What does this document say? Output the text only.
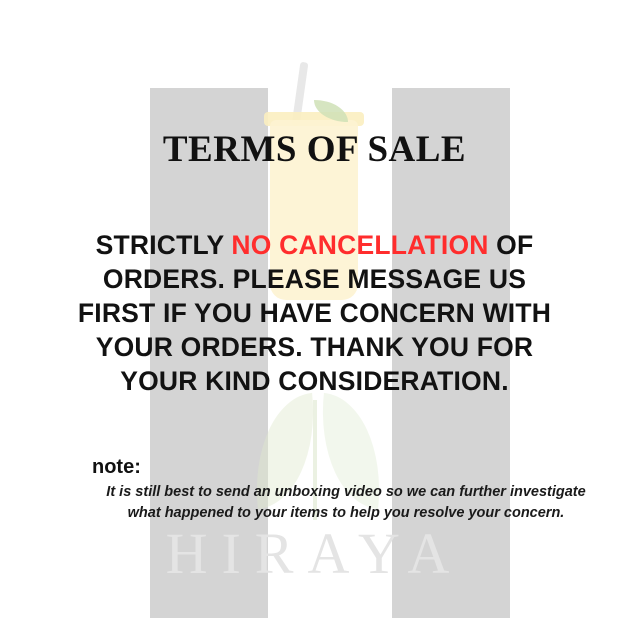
HIRAYA
TERMS OF SALE
STRICTLY NO CANCELLATION OF ORDERS. PLEASE MESSAGE US FIRST IF YOU HAVE CONCERN WITH YOUR ORDERS. THANK YOU FOR YOUR KIND CONSIDERATION.
note:
It is still best to send an unboxing video so we can further investigate what happened to your items to help you resolve your concern.
